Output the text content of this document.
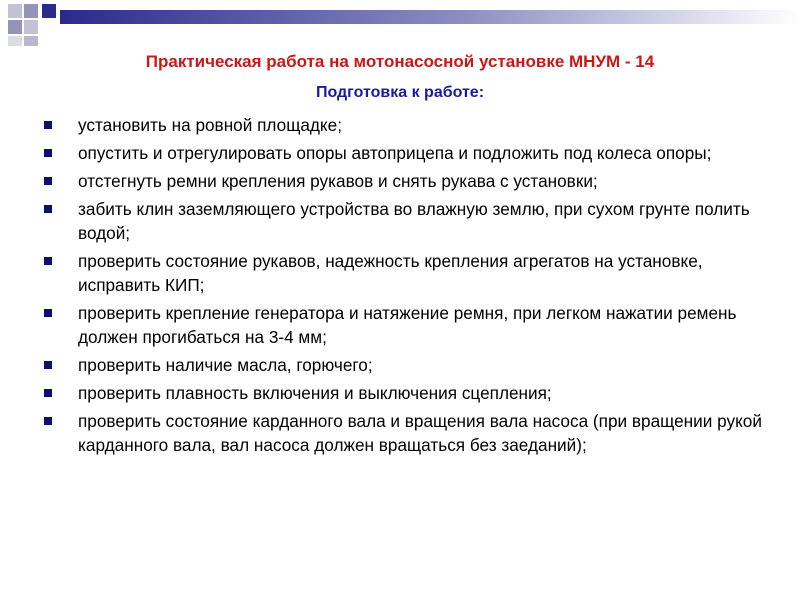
Практическая работа на мотонасосной установке МНУМ - 14
Подготовка к работе:
установить на ровной площадке;
опустить и отрегулировать опоры автоприцепа и подложить под колеса опоры;
отстегнуть ремни крепления рукавов и снять рукава с установки;
забить клин заземляющего устройства во влажную землю, при сухом грунте полить водой;
проверить состояние рукавов, надежность крепления агрегатов на установке, исправить КИП;
проверить крепление генератора и натяжение ремня, при легком нажатии ремень должен прогибаться на 3-4 мм;
проверить наличие масла, горючего;
проверить плавность включения и выключения сцепления;
проверить состояние карданного вала и вращения вала насоса (при вращении рукой карданного вала, вал насоса должен вращаться без заеданий);
